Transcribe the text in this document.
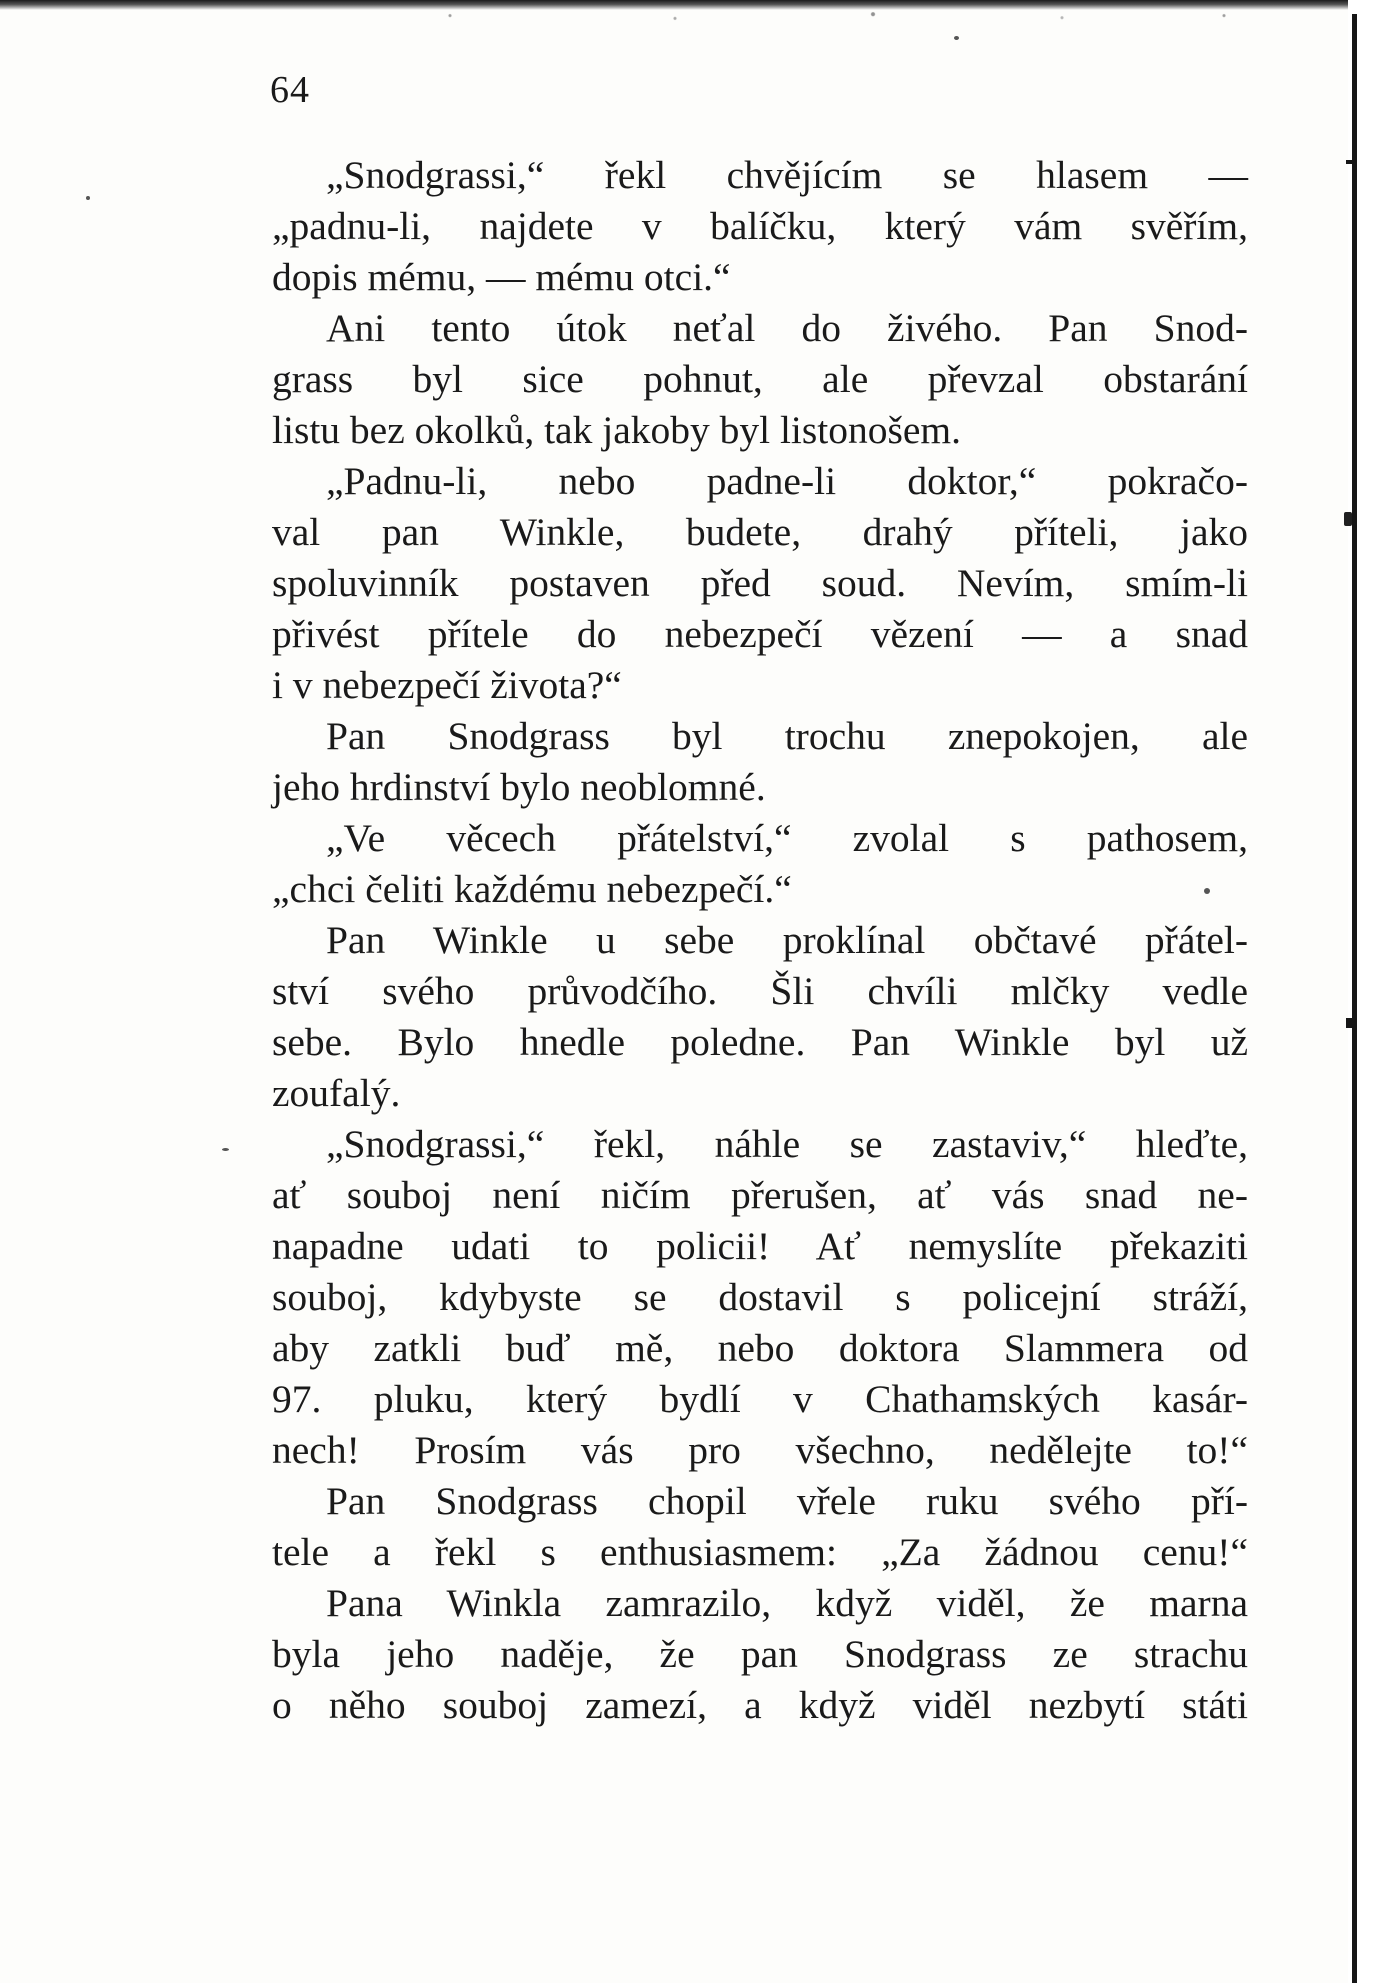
64
„Snodgrassi,“ řekl chvějícím se hlasem —
„padnu-li, najdete v balíčku, který vám svěřím,
dopis mému, — mému otci.“
Ani tento útok neťal do živého. Pan Snod-
grass byl sice pohnut, ale převzal obstarání
listu bez okolků, tak jakoby byl listonošem.
„Padnu-li, nebo padne-li doktor,“ pokračo-
val pan Winkle, budete, drahý příteli, jako
spoluvinník postaven před soud. Nevím, smím-li
přivést přítele do nebezpečí vězení — a snad
i v nebezpečí života?“
Pan Snodgrass byl trochu znepokojen, ale
jeho hrdinství bylo neoblomné.
„Ve věcech přátelství,“ zvolal s pathosem,
„chci čeliti každému nebezpečí.“
Pan Winkle u sebe proklínal občtavé přátel-
ství svého průvodčího. Šli chvíli mlčky vedle
sebe. Bylo hnedle poledne. Pan Winkle byl už
zoufalý.
„Snodgrassi,“ řekl, náhle se zastaviv,“ hleďte,
ať souboj není ničím přerušen, ať vás snad ne-
napadne udati to policii! Ať nemyslíte překaziti
souboj, kdybyste se dostavil s policejní stráží,
aby zatkli buď mě, nebo doktora Slammera od
97. pluku, který bydlí v Chathamských kasár-
nech! Prosím vás pro všechno, nedělejte to!“
Pan Snodgrass chopil vřele ruku svého pří-
tele a řekl s enthusiasmem: „Za žádnou cenu!“
Pana Winkla zamrazilo, když viděl, že marna
byla jeho naděje, že pan Snodgrass ze strachu
o něho souboj zamezí, a když viděl nezbytí státi
